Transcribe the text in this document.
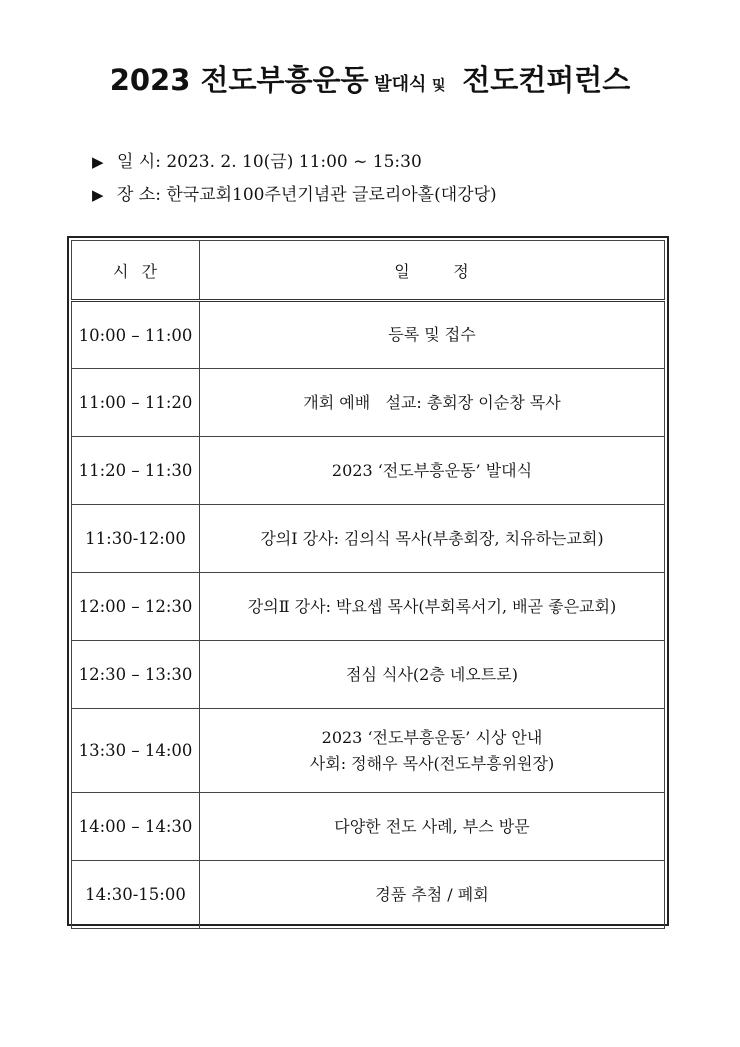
2023 전도부흥운동 발대식 및 전도컨퍼런스
▶ 일 시: 2023. 2. 10(금) 11:00 ~ 15:30
▶ 장 소: 한국교회100주년기념관 글로리아홀(대강당)
시  간	일       정
10:00 – 11:00	등록 및 접수

11:00 – 11:20	개회 예배   설교: 총회장 이순창 목사

11:20 – 11:30	2023 ‘전도부흥운동’ 발대식

11:30-12:00	강의Ⅰ 강사: 김의식 목사(부총회장, 치유하는교회)

12:00 – 12:30	강의Ⅱ 강사: 박요셉 목사(부회록서기, 배곧 좋은교회)

12:30 – 13:30	점심 식사(2층 네오트로)

13:30 – 14:00	2023 ‘전도부흥운동’ 시상 안내
사회: 정해우 목사(전도부흥위원장)

14:00 – 14:30	다양한 전도 사례, 부스 방문

14:30-15:00	경품 추첨 / 폐회
